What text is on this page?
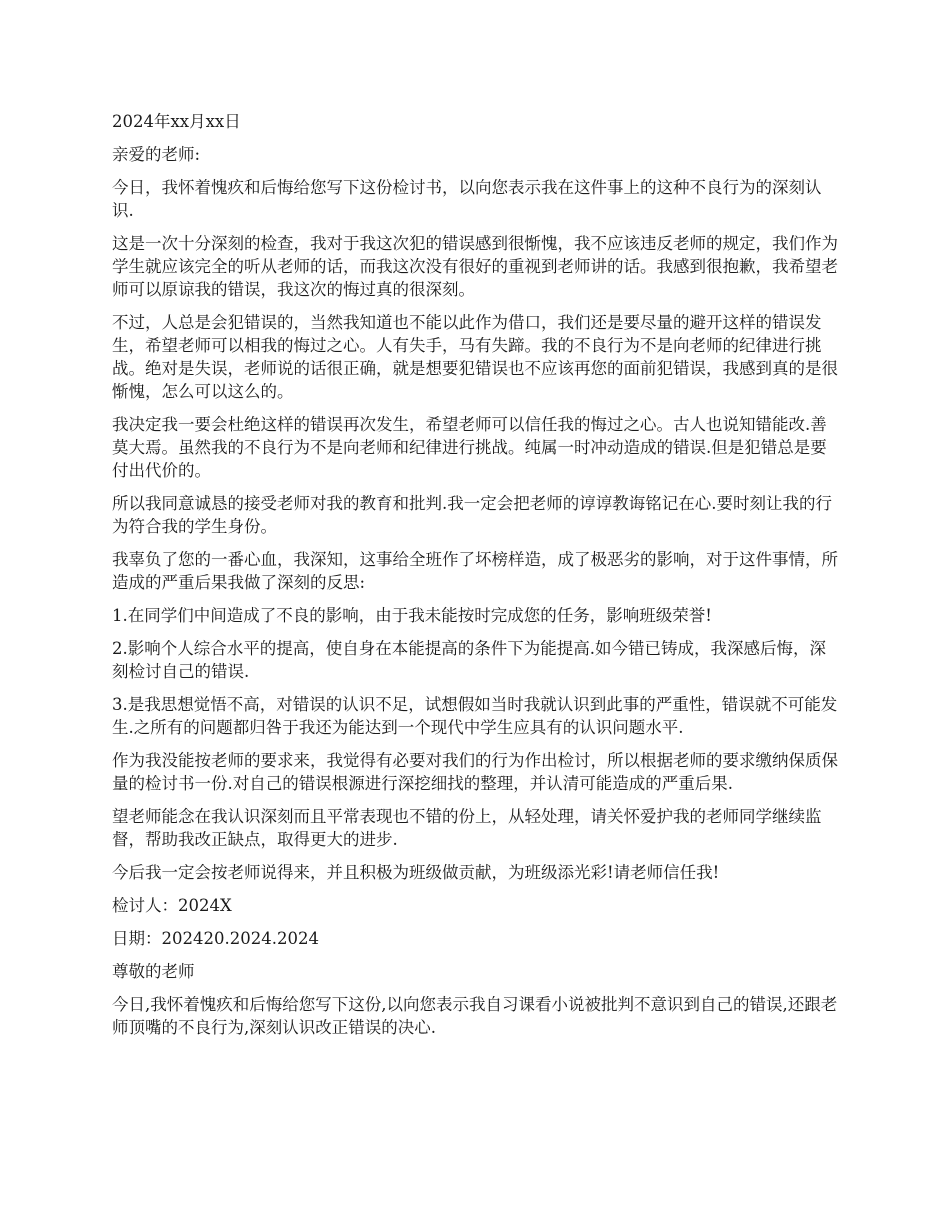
2024年xx月xx日

亲爱的老师:

今日，我怀着愧疚和后悔给您写下这份检讨书，以向您表示我在这件事上的这种不良行为的深刻认识.

这是一次十分深刻的检查，我对于我这次犯的错误感到很惭愧，我不应该违反老师的规定，我们作为学生就应该完全的听从老师的话，而我这次没有很好的重视到老师讲的话。我感到很抱歉，我希望老师可以原谅我的错误，我这次的悔过真的很深刻。

不过，人总是会犯错误的，当然我知道也不能以此作为借口，我们还是要尽量的避开这样的错误发生，希望老师可以相我的悔过之心。人有失手，马有失蹄。我的不良行为不是向老师的纪律进行挑战。绝对是失误，老师说的话很正确，就是想要犯错误也不应该再您的面前犯错误，我感到真的是很惭愧，怎么可以这么的。

我决定我一要会杜绝这样的错误再次发生，希望老师可以信任我的悔过之心。古人也说知错能改.善莫大焉。虽然我的不良行为不是向老师和纪律进行挑战。纯属一时冲动造成的错误.但是犯错总是要付出代价的。

所以我同意诚恳的接受老师对我的教育和批判.我一定会把老师的谆谆教诲铭记在心.要时刻让我的行为符合我的学生身份。

我辜负了您的一番心血，我深知，这事给全班作了坏榜样造，成了极恶劣的影响，对于这件事情，所造成的严重后果我做了深刻的反思:

1.在同学们中间造成了不良的影响，由于我未能按时完成您的任务，影响班级荣誉!

2.影响个人综合水平的提高，使自身在本能提高的条件下为能提高.如今错已铸成，我深感后悔，深刻检讨自己的错误.

3.是我思想觉悟不高，对错误的认识不足，试想假如当时我就认识到此事的严重性，错误就不可能发生.之所有的问题都归咎于我还为能达到一个现代中学生应具有的认识问题水平.

作为我没能按老师的要求来，我觉得有必要对我们的行为作出检讨，所以根据老师的要求缴纳保质保量的检讨书一份.对自己的错误根源进行深挖细找的整理，并认清可能造成的严重后果.

望老师能念在我认识深刻而且平常表现也不错的份上，从轻处理，请关怀爱护我的老师同学继续监督，帮助我改正缺点，取得更大的进步.

今后我一定会按老师说得来，并且积极为班级做贡献，为班级添光彩!请老师信任我!

检讨人：2024X

日期：202420.2024.2024

尊敬的老师

今日,我怀着愧疚和后悔给您写下这份,以向您表示我自习课看小说被批判不意识到自己的错误,还跟老师顶嘴的不良行为,深刻认识改正错误的决心.
